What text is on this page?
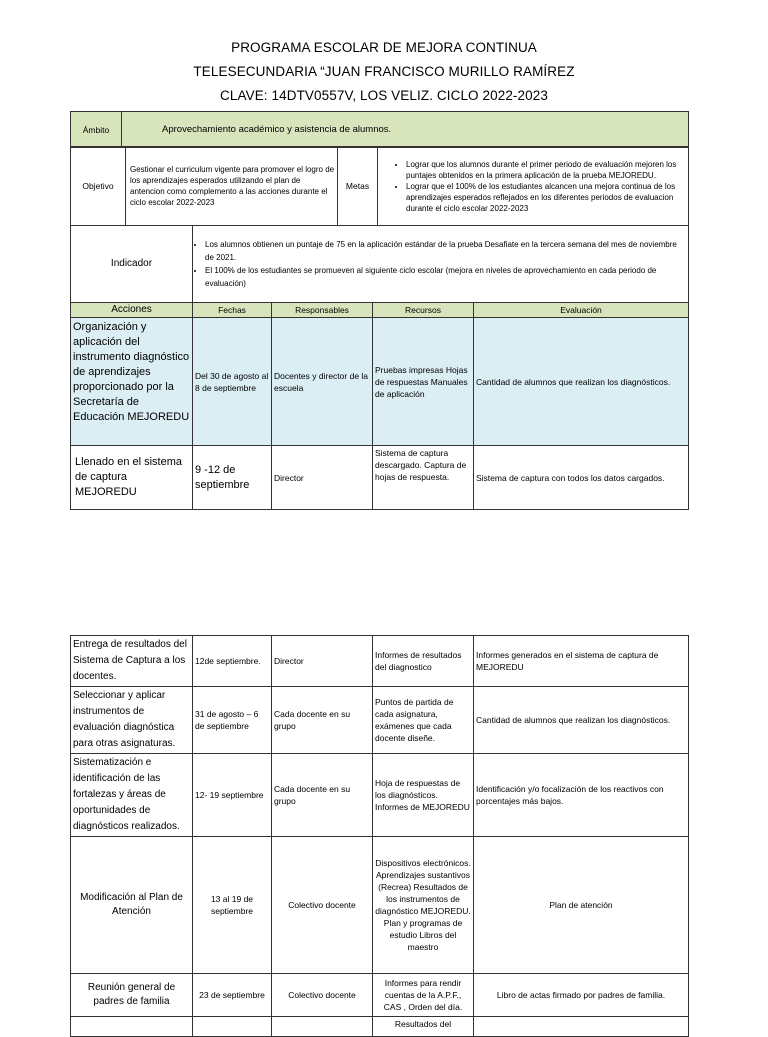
PROGRAMA ESCOLAR DE MEJORA CONTINUA
TELESECUNDARIA “JUAN FRANCISCO MURILLO RAMÍREZ
CLAVE: 14DTV0557V, LOS VELIZ. CICLO 2022-2023
Ámbito	Aprovechamiento académico y asistencia de alumnos.
Objetivo	Gestionar el curriculum vigente para promover el logro de los aprendizajes esperados utilizando el plan de antencion como complemento a las acciones durante el ciclo escolar 2022-2023	Metas	
• Lograr que los alumnos durante el primer periodo de evaluación mejoren los puntajes obtenidos en la primera aplicación de la prueba MEJOREDU.
• Lograr que el 100% de los estudiantes alcancen una mejora continua de los aprendizajes esperados reflejados en los diferentes periodos de evaluacion durante el ciclo escolar 2022-2023
Indicador	
• Los alumnos obtienen un puntaje de 75 en la aplicación estándar de la prueba Desafiate en la tercera semana del mes de noviembre de 2021.
• El 100% de los estudiantes se promueven al siguiente ciclo escolar (mejora en niveles de aprovechamiento en cada periodo de evaluación)
Acciones	Fechas	Responsables	Recursos	Evaluación
Organización y aplicación del instrumento diagnóstico de aprendizajes proporcionado por la Secretaría de Educación MEJOREDU	Del 30 de agosto al 8 de septiembre	Docentes y director de la escuela	Pruebas impresas Hojas de respuestas Manuales de aplicación	Cantidad de alumnos que realizan los diagnósticos.
Llenado en el sistema de captura MEJOREDU	9 -12 de septiembre	Director	Sistema de captura descargado. Captura de hojas de respuesta.	Sistema de captura con todos los datos cargados.
Entrega de resultados del Sistema de Captura a los docentes.	12de septiembre.	Director	Informes de resultados del diagnostico	Informes generados en el sistema de captura de MEJOREDU
Seleccionar y aplicar instrumentos de evaluación diagnóstica para otras asignaturas.	31 de agosto – 6 de septiembre	Cada docente en su grupo	Puntos de partida de cada asignatura, exámenes que cada docente diseñe.	Cantidad de alumnos que realizan los diagnósticos.
Sistematización e identificación de las fortalezas y áreas de oportunidades de diagnósticos realizados.	12- 19 septiembre	Cada docente en su grupo	Hoja de respuestas de los diagnósticos. Informes de MEJOREDU	Identificación y/o focalización de los reactivos con porcentajes más bajos.
Modificación al Plan de Atención	13 al 19 de septiembre	Colectivo docente	Dispositivos electrónicos. Aprendizajes sustantivos (Recrea) Resultados de los instrumentos de diagnóstico MEJOREDU. Plan y programas de estudio Libros del maestro	Plan de atención
Reunión general de padres de familia	23 de septiembre	Colectivo docente	Informes para rendir cuentas de la A.P.F., CAS , Orden del día.	Libro de actas firmado por padres de familia.
			Resultados del	
